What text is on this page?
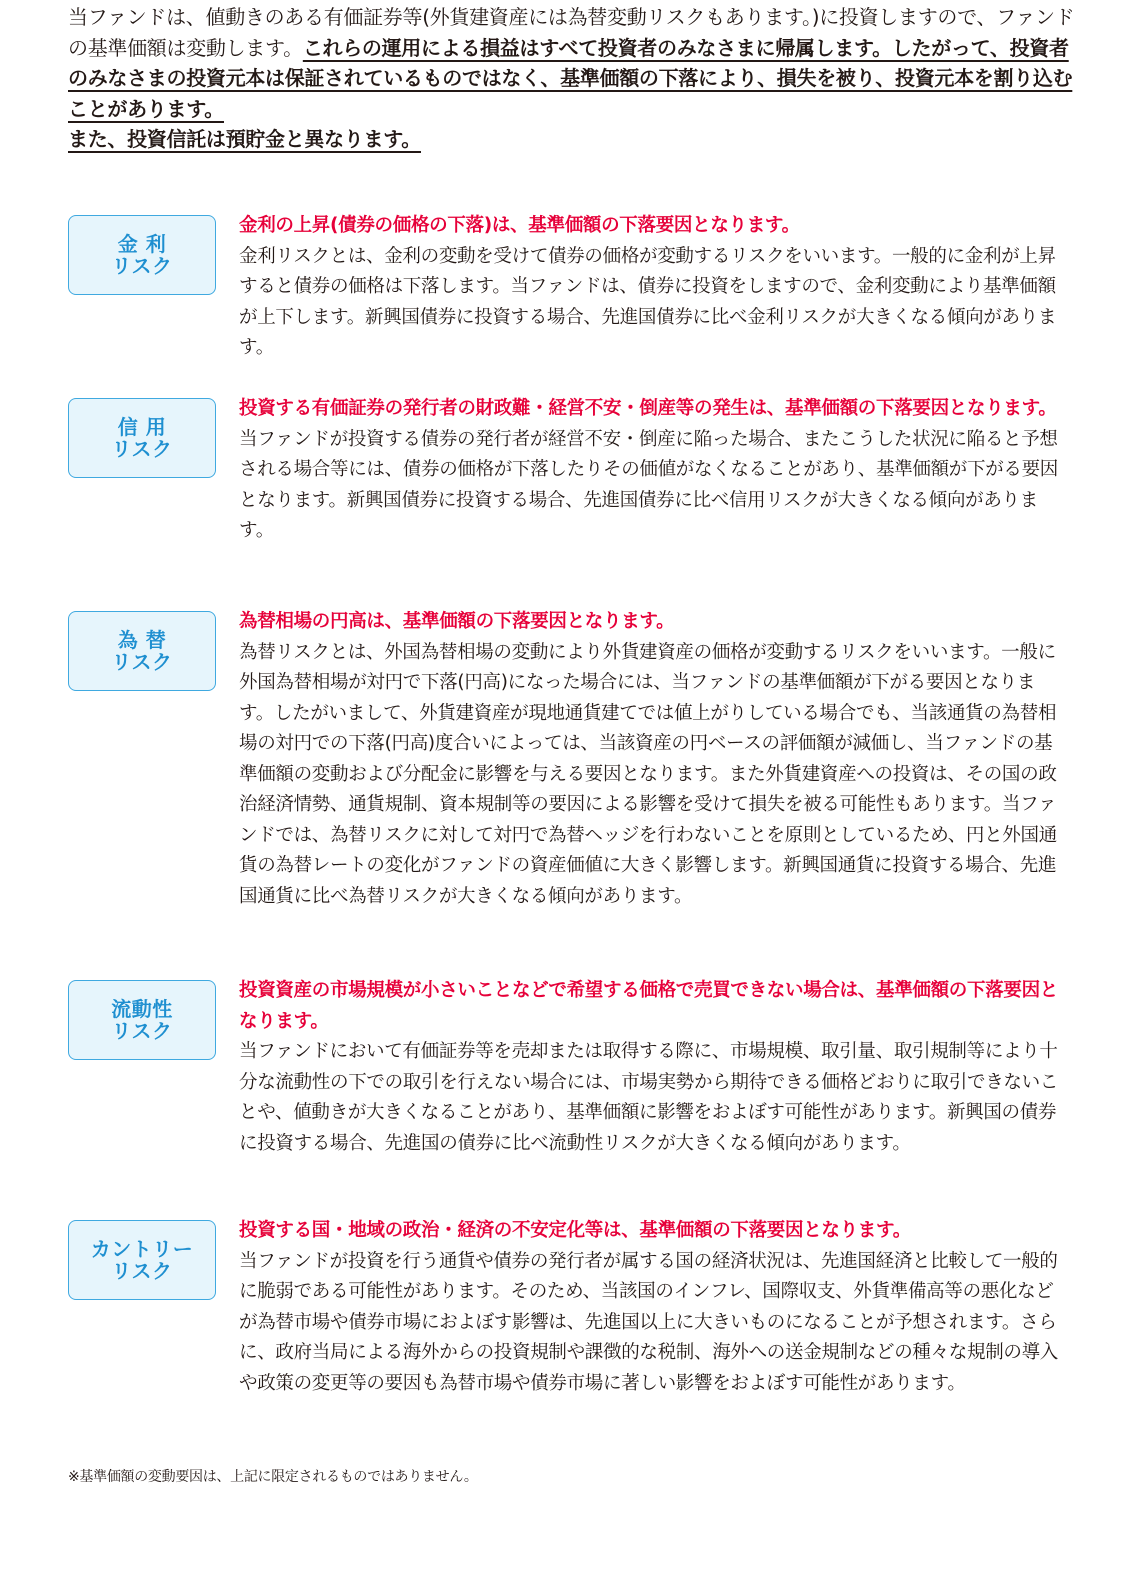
当ファンドは、値動きのある有価証券等(外貨建資産には為替変動リスクもあります。)に投資しますので、ファンドの基準価額は変動します。これらの運用による損益はすべて投資者のみなさまに帰属します。したがって、投資者のみなさまの投資元本は保証されているものではなく、基準価額の下落により、損失を被り、投資元本を割り込むことがあります。
また、投資信託は預貯金と異なります。
金 利
リスク
金利の上昇(債券の価格の下落)は、基準価額の下落要因となります。
金利リスクとは、金利の変動を受けて債券の価格が変動するリスクをいいます。一般的に金利が上昇すると債券の価格は下落します。当ファンドは、債券に投資をしますので、金利変動により基準価額が上下します。新興国債券に投資する場合、先進国債券に比べ金利リスクが大きくなる傾向があります。
信 用
リスク
投資する有価証券の発行者の財政難・経営不安・倒産等の発生は、基準価額の下落要因となります。
当ファンドが投資する債券の発行者が経営不安・倒産に陥った場合、またこうした状況に陥ると予想される場合等には、債券の価格が下落したりその価値がなくなることがあり、基準価額が下がる要因となります。新興国債券に投資する場合、先進国債券に比べ信用リスクが大きくなる傾向があります。
為 替
リスク
為替相場の円高は、基準価額の下落要因となります。
為替リスクとは、外国為替相場の変動により外貨建資産の価格が変動するリスクをいいます。一般に外国為替相場が対円で下落(円高)になった場合には、当ファンドの基準価額が下がる要因となります。したがいまして、外貨建資産が現地通貨建てでは値上がりしている場合でも、当該通貨の為替相場の対円での下落(円高)度合いによっては、当該資産の円ベースの評価額が減価し、当ファンドの基準価額の変動および分配金に影響を与える要因となります。また外貨建資産への投資は、その国の政治経済情勢、通貨規制、資本規制等の要因による影響を受けて損失を被る可能性もあります。当ファンドでは、為替リスクに対して対円で為替ヘッジを行わないことを原則としているため、円と外国通貨の為替レートの変化がファンドの資産価値に大きく影響します。新興国通貨に投資する場合、先進国通貨に比べ為替リスクが大きくなる傾向があります。
流動性
リスク
投資資産の市場規模が小さいことなどで希望する価格で売買できない場合は、基準価額の下落要因となります。
当ファンドにおいて有価証券等を売却または取得する際に、市場規模、取引量、取引規制等により十分な流動性の下での取引を行えない場合には、市場実勢から期待できる価格どおりに取引できないことや、値動きが大きくなることがあり、基準価額に影響をおよぼす可能性があります。新興国の債券に投資する場合、先進国の債券に比べ流動性リスクが大きくなる傾向があります。
カントリー
リスク
投資する国・地域の政治・経済の不安定化等は、基準価額の下落要因となります。
当ファンドが投資を行う通貨や債券の発行者が属する国の経済状況は、先進国経済と比較して一般的に脆弱である可能性があります。そのため、当該国のインフレ、国際収支、外貨準備高等の悪化などが為替市場や債券市場におよぼす影響は、先進国以上に大きいものになることが予想されます。さらに、政府当局による海外からの投資規制や課徴的な税制、海外への送金規制などの種々な規制の導入や政策の変更等の要因も為替市場や債券市場に著しい影響をおよぼす可能性があります。
※基準価額の変動要因は、上記に限定されるものではありません。
